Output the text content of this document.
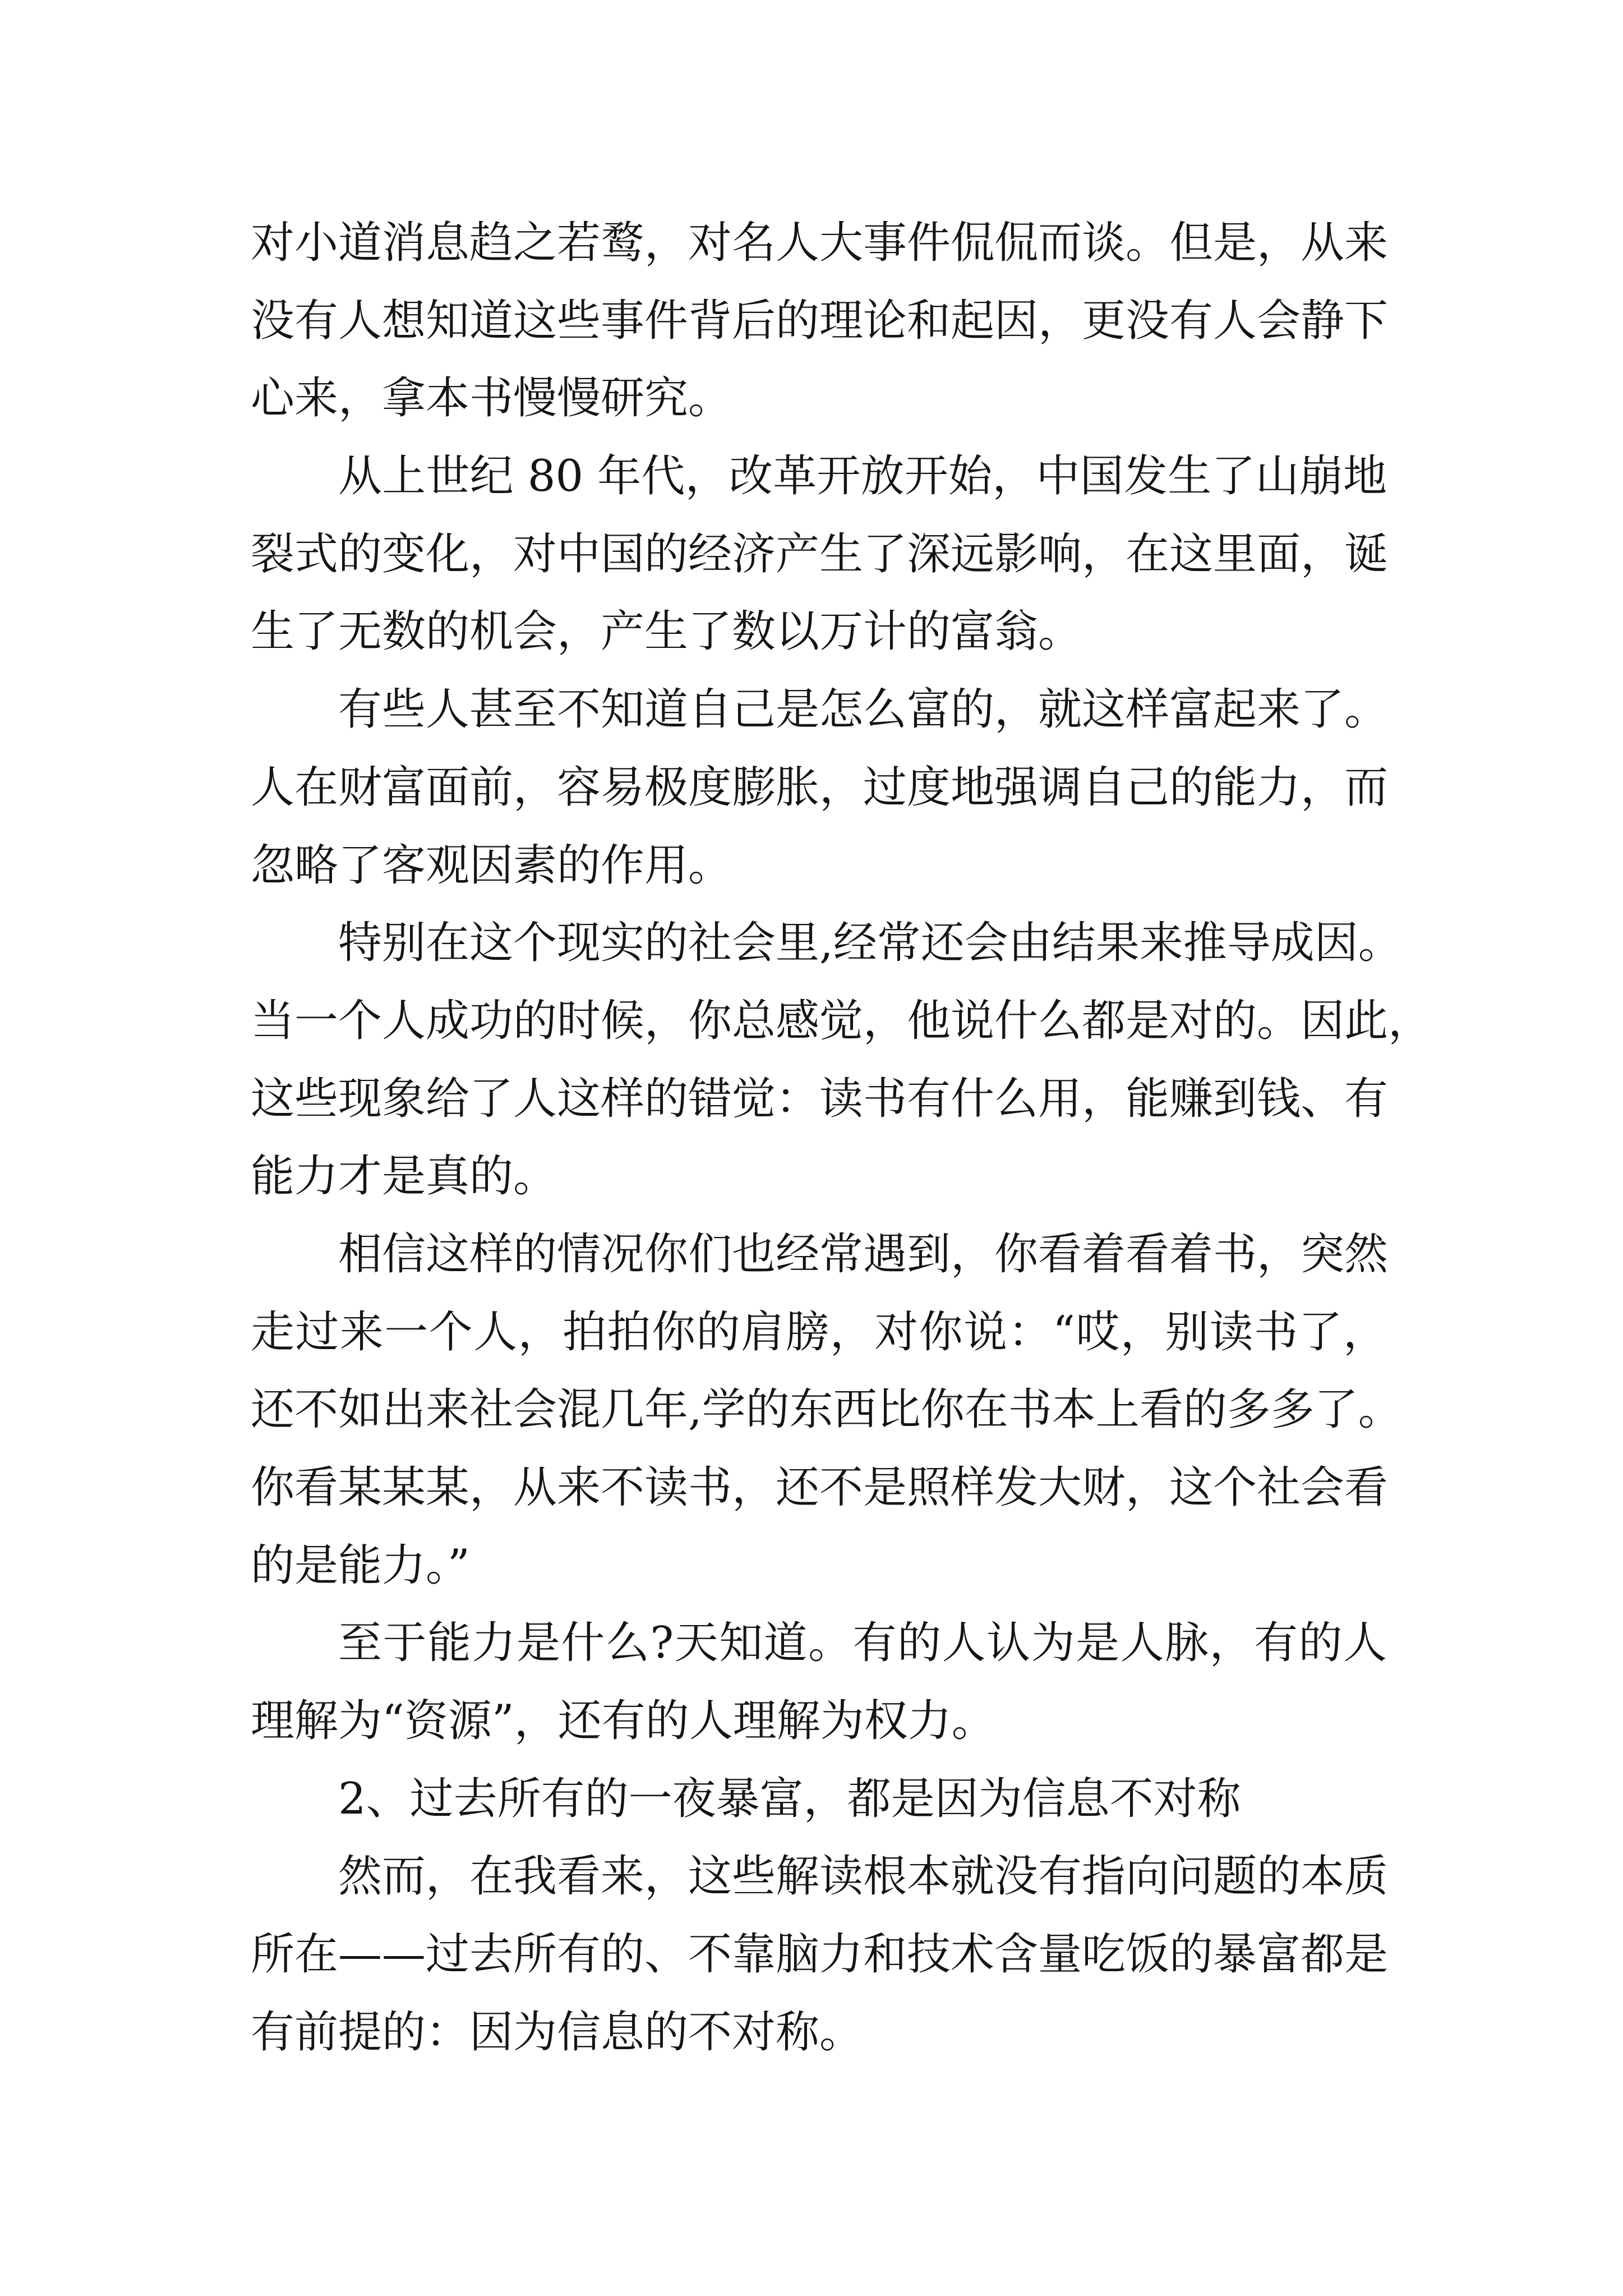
对小道消息趋之若鹜，对名人大事件侃侃而谈。但是，从来
没有人想知道这些事件背后的理论和起因，更没有人会静下
心来，拿本书慢慢研究。
从上世纪 80 年代，改革开放开始，中国发生了山崩地
裂式的变化，对中国的经济产生了深远影响，在这里面，诞
生了无数的机会，产生了数以万计的富翁。
有些人甚至不知道自己是怎么富的，就这样富起来了。
人在财富面前，容易极度膨胀，过度地强调自己的能力，而
忽略了客观因素的作用。
特别在这个现实的社会里,经常还会由结果来推导成因。
当一个人成功的时候，你总感觉，他说什么都是对的。因此，
这些现象给了人这样的错觉：读书有什么用，能赚到钱、有
能力才是真的。
相信这样的情况你们也经常遇到，你看着看着书，突然
走过来一个人，拍拍你的肩膀，对你说：“哎，别读书了，
还不如出来社会混几年,学的东西比你在书本上看的多多了。
你看某某某，从来不读书，还不是照样发大财，这个社会看
的是能力。”
至于能力是什么?天知道。有的人认为是人脉，有的人
理解为“资源”，还有的人理解为权力。
2、过去所有的一夜暴富，都是因为信息不对称
然而，在我看来，这些解读根本就没有指向问题的本质
所在——过去所有的、不靠脑力和技术含量吃饭的暴富都是
有前提的：因为信息的不对称。
